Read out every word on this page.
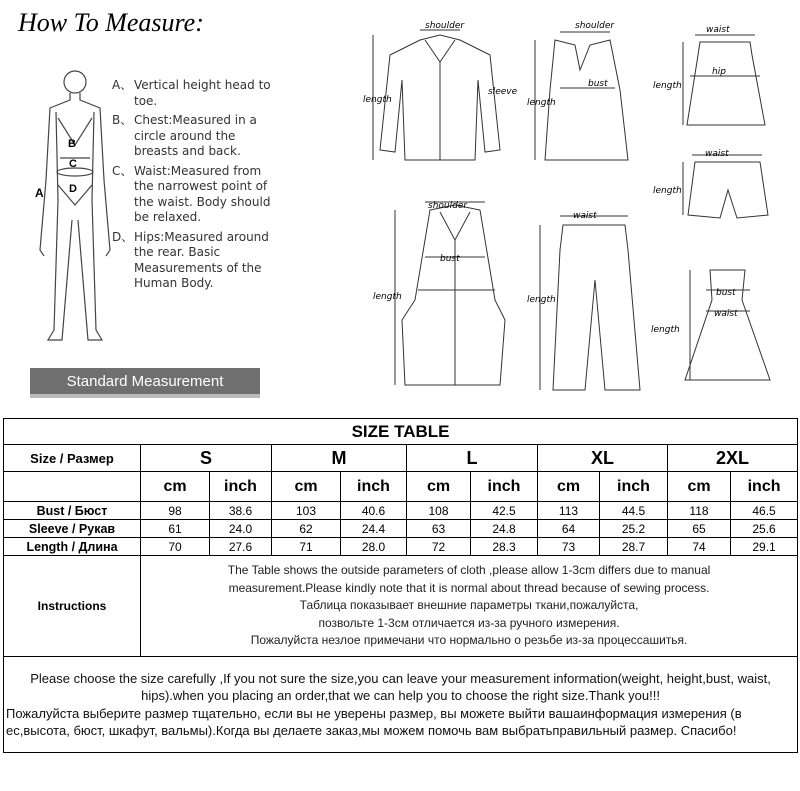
How To Measure:
B
C
D
A
shoulder
length
sleeve
shoulder
length
bust
waist
hip
length
waist
length
shoulder
length
bust
waist
length
bust
waist
length
A、 Vertical height head to toe.
B、 Chest:Measured in a circle around the breasts and back.
C、 Waist:Measured from the narrowest point of the waist. Body should be relaxed.
D、 Hips:Measured around the rear. Basic Measurements of the Human Body.
Standard Measurement
SIZE TABLE										
Size / Размер	S		M		L		XL		2XL	
	cm	inch	cm	inch	cm	inch	cm	inch	cm	inch
Bust / Бюст	98	38.6	103	40.6	108	42.5	113	44.5	118	46.5
Sleeve / Рукав	61	24.0	62	24.4	63	24.8	64	25.2	65	25.6
Length / Длина	70	27.6	71	28.0	72	28.3	73	28.7	74	29.1
Instructions	The Table shows the outside parameters of cloth ,please allow 1-3cm differs due to manual
measurement.Please kindly note that it is normal about thread because of sewing process.
Таблица показывает внешние параметры ткани,пожалуйста,
позвольте 1-3см отличается из-за ручного измерения.
Пожалуйста незлое примечани что нормально о резьбе из-за процессашитья.									

Please choose the size carefully ,If you not sure the size,you can leave your measurement information(weight, height,bust, waist, hips).when you placing an order,that we can help you to choose the right size.Thank you!!!
Пожалуйста выберите размер тщательно, если вы не уверены размер, вы можете выйти вашаинформация измерения (в ес,высота, бюст, шкафут, вальмы).Когда вы делаете заказ,мы можем помочь вам выбратьправильный размер. Спасибо!										
